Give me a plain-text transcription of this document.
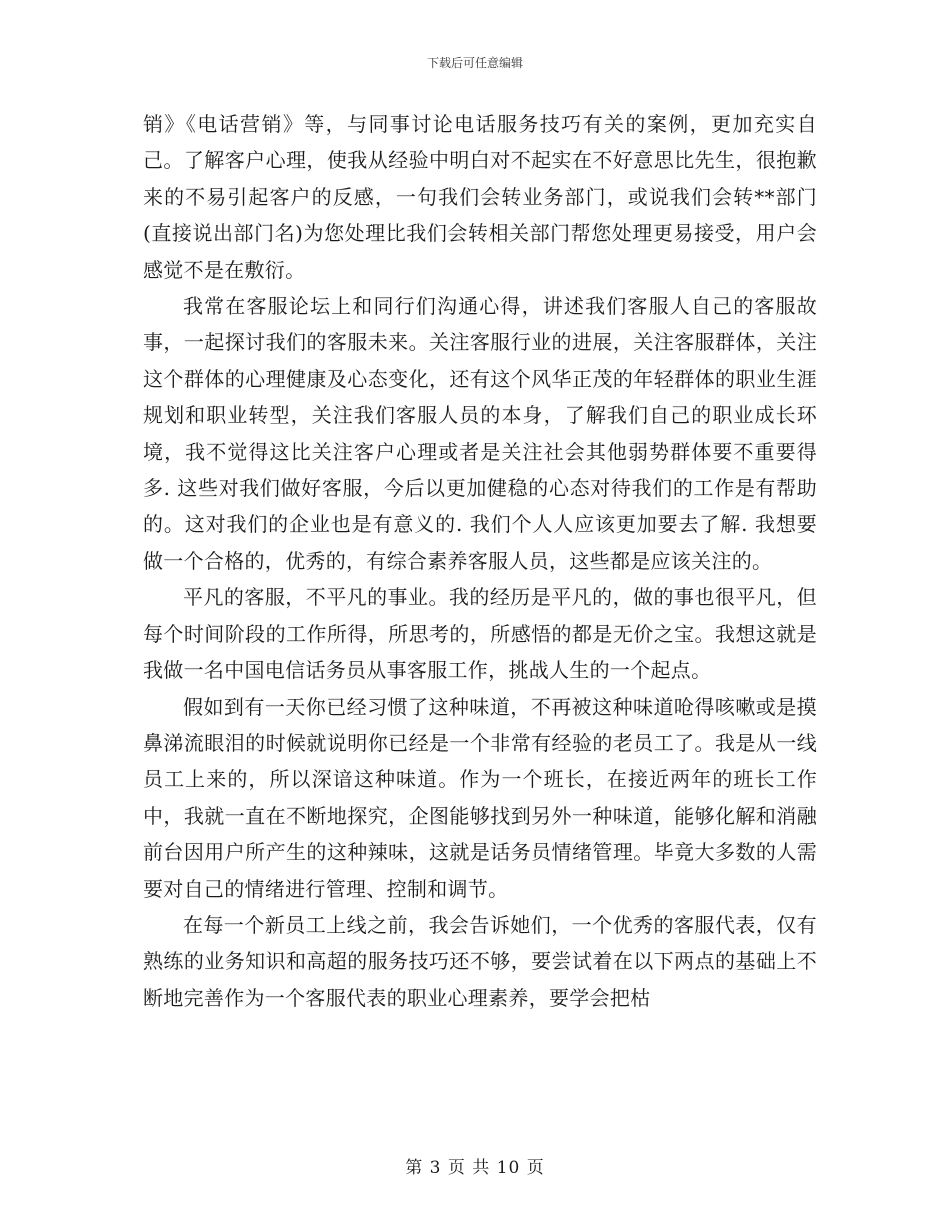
下载后可任意编辑

销》《电话营销》等，与同事讨论电话服务技巧有关的案例，更加充实自己。了解客户心理，使我从经验中明白对不起实在不好意思比先生，很抱歉来的不易引起客户的反感，一句我们会转业务部门，或说我们会转**部门(直接说出部门名)为您处理比我们会转相关部门帮您处理更易接受，用户会感觉不是在敷衍。

我常在客服论坛上和同行们沟通心得，讲述我们客服人自己的客服故事，一起探讨我们的客服未来。关注客服行业的进展，关注客服群体，关注这个群体的心理健康及心态变化，还有这个风华正茂的年轻群体的职业生涯规划和职业转型，关注我们客服人员的本身，了解我们自己的职业成长环境，我不觉得这比关注客户心理或者是关注社会其他弱势群体要不重要得多. 这些对我们做好客服，今后以更加健稳的心态对待我们的工作是有帮助的。这对我们的企业也是有意义的. 我们个人人应该更加要去了解. 我想要做一个合格的，优秀的，有综合素养客服人员，这些都是应该关注的。

平凡的客服，不平凡的事业。我的经历是平凡的，做的事也很平凡，但每个时间阶段的工作所得，所思考的，所感悟的都是无价之宝。我想这就是我做一名中国电信话务员从事客服工作，挑战人生的一个起点。

假如到有一天你已经习惯了这种味道，不再被这种味道呛得咳嗽或是摸鼻涕流眼泪的时候就说明你已经是一个非常有经验的老员工了。我是从一线员工上来的，所以深谙这种味道。作为一个班长，在接近两年的班长工作中，我就一直在不断地探究，企图能够找到另外一种味道，能够化解和消融前台因用户所产生的这种辣味，这就是话务员情绪管理。毕竟大多数的人需要对自己的情绪进行管理、控制和调节。

在每一个新员工上线之前，我会告诉她们，一个优秀的客服代表，仅有熟练的业务知识和高超的服务技巧还不够，要尝试着在以下两点的基础上不断地完善作为一个客服代表的职业心理素养，要学会把枯

第 3 页 共 10 页
